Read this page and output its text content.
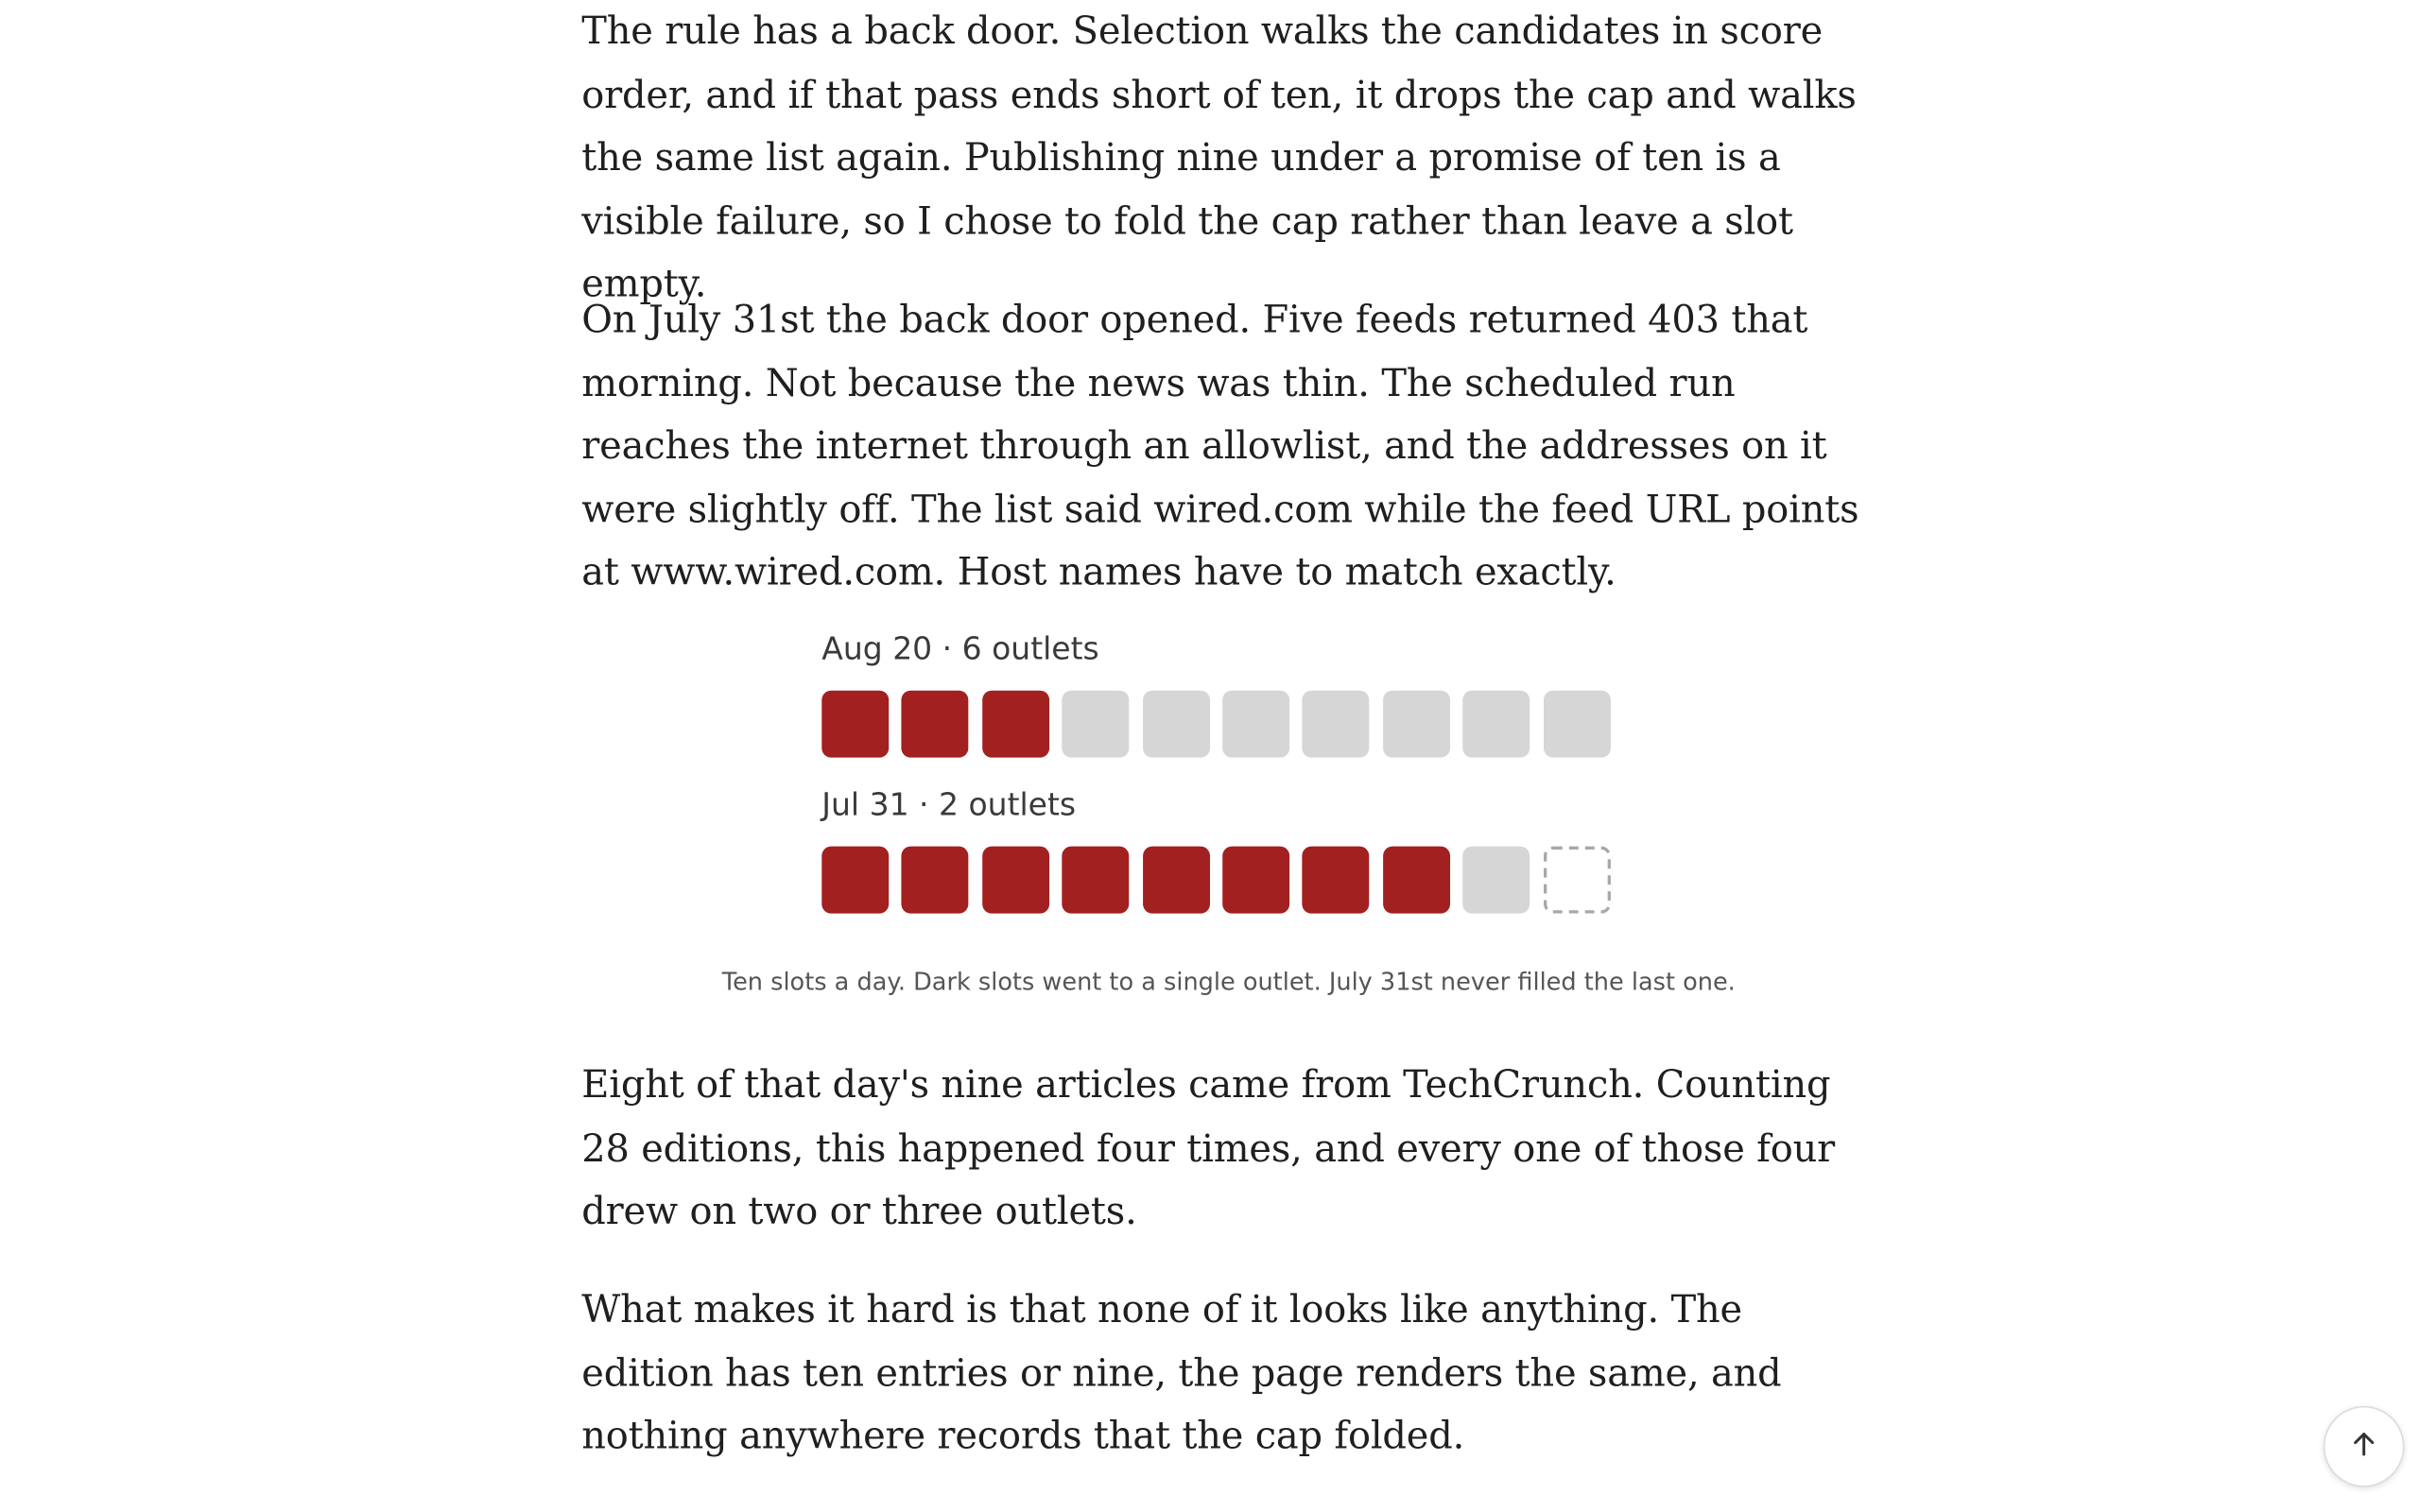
The rule has a back door. Selection walks the candidates in score order, and if that pass ends short of ten, it drops the cap and walks the same list again. Publishing nine under a promise of ten is a visible failure, so I chose to fold the cap rather than leave a slot empty.

On July 31st the back door opened. Five feeds returned 403 that morning. Not because the news was thin. The scheduled run reaches the internet through an allowlist, and the addresses on it were slightly off. The list said wired.com while the feed URL points at www.wired.com. Host names have to match exactly.

Eight of that day's nine articles came from TechCrunch. Counting 28 editions, this happened four times, and every one of those four drew on two or three outlets.

What makes it hard is that none of it looks like anything. The edition has ten entries or nine, the page renders the same, and nothing anywhere records that the cap folded.

Aug 20 · 6 outlets
Jul 31 · 2 outlets
Ten slots a day. Dark slots went to a single outlet. July 31st never filled the last one.
